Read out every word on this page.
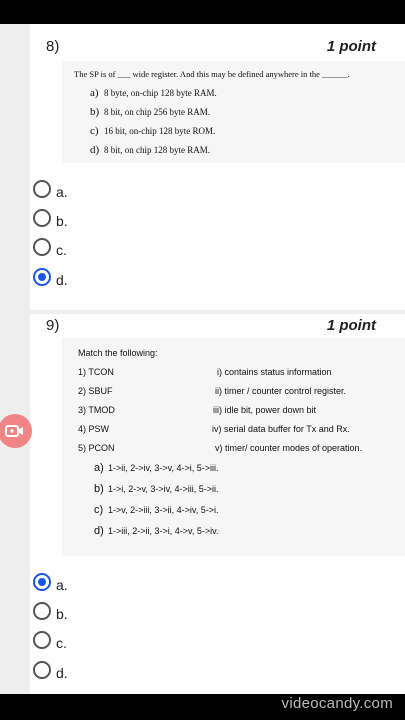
8)	1 point
The SP is of ___ wide register. And this may be defined anywhere in the ______.
a) 8 byte, on-chip 128 byte RAM.
b) 8 bit, on chip 256 byte RAM.
c) 16 bit, on-chip 128 byte ROM.
d) 8 bit, on chip 128 byte RAM.
a.
b.
c.
d.
9)	1 point
Match the following:
1) TCON
2) SBUF
3) TMOD
4) PSW
5) PCON
i) contains status information
ii) timer / counter control register.
iii) idle bit, power down bit
iv) serial data buffer for Tx and Rx.
v) timer/ counter modes of operation.
a) 1->ii, 2->iv, 3->v, 4->i, 5->iii.
b) 1->i, 2->v, 3->iv, 4->iii, 5->ii.
c) 1->v, 2->iii, 3->ii, 4->iv, 5->i.
d) 1->iii, 2->ii, 3->i, 4->v, 5->iv.
a.
b.
c.
d.
videocandy.com
